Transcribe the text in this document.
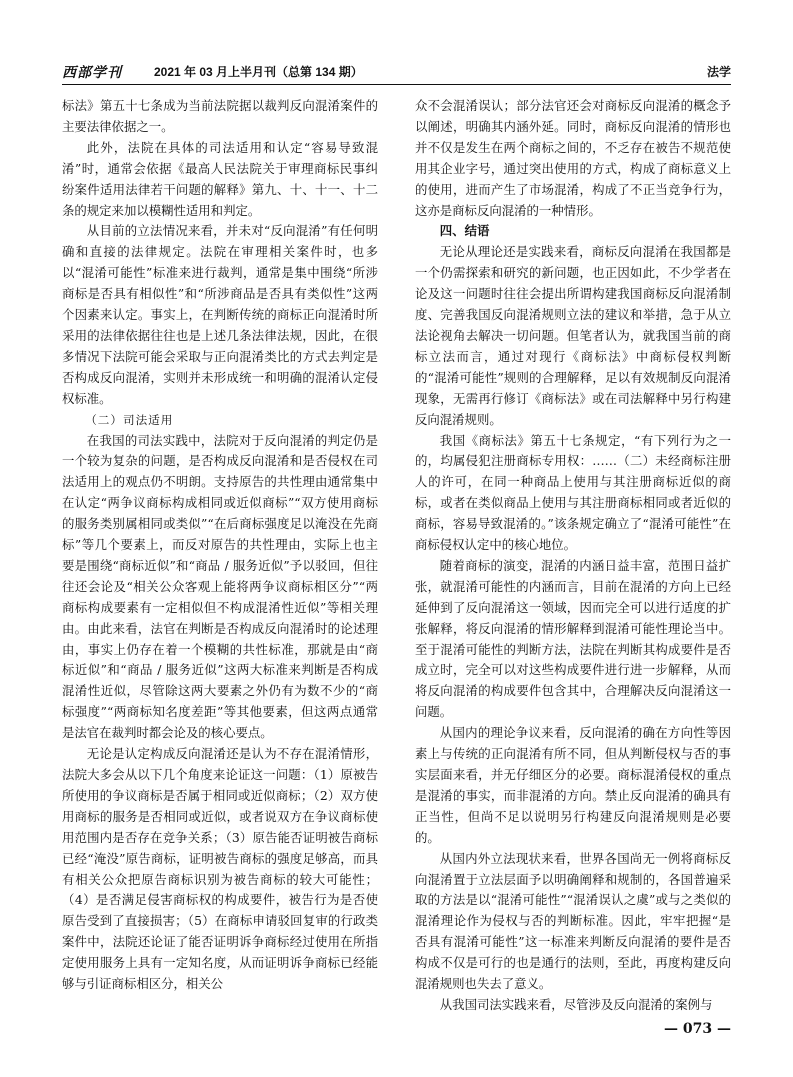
西部学刊	2021 年 03 月上半月刊（总第 134 期）	法学

标法》第五十七条成为当前法院据以裁判反向混淆案件的主要法律依据之一。

此外，法院在具体的司法适用和认定“容易导致混淆”时，通常会依据《最高人民法院关于审理商标民事纠纷案件适用法律若干问题的解释》第九、十、十一、十二条的规定来加以模糊性适用和判定。

从目前的立法情况来看，并未对“反向混淆”有任何明确和直接的法律规定。法院在审理相关案件时，也多以“混淆可能性”标准来进行裁判，通常是集中围绕“所涉商标是否具有相似性”和“所涉商品是否具有类似性”这两个因素来认定。事实上，在判断传统的商标正向混淆时所采用的法律依据往往也是上述几条法律法规，因此，在很多情况下法院可能会采取与正向混淆类比的方式去判定是否构成反向混淆，实则并未形成统一和明确的混淆认定侵权标准。

（二）司法适用

在我国的司法实践中，法院对于反向混淆的判定仍是一个较为复杂的问题，是否构成反向混淆和是否侵权在司法适用上的观点仍不明朗。支持原告的共性理由通常集中在认定“两争议商标构成相同或近似商标”“双方使用商标的服务类别属相同或类似”“在后商标强度足以淹没在先商标”等几个要素上，而反对原告的共性理由，实际上也主要是围绕“商标近似”和“商品 / 服务近似”予以驳回，但往往还会论及“相关公众客观上能将两争议商标相区分”“两商标构成要素有一定相似但不构成混淆性近似”等相关理由。由此来看，法官在判断是否构成反向混淆时的论述理由，事实上仍存在着一个模糊的共性标准，那就是由“商标近似”和“商品 / 服务近似”这两大标准来判断是否构成混淆性近似，尽管除这两大要素之外仍有为数不少的“商标强度”“两商标知名度差距”等其他要素，但这两点通常是法官在裁判时都会论及的核心要点。

无论是认定构成反向混淆还是认为不存在混淆情形，法院大多会从以下几个角度来论证这一问题：（1）原被告所使用的争议商标是否属于相同或近似商标；（2）双方使用商标的服务是否相同或近似，或者说双方在争议商标使用范围内是否存在竞争关系；（3）原告能否证明被告商标已经“淹没”原告商标，证明被告商标的强度足够高，而具有相关公众把原告商标识别为被告商标的较大可能性；（4）是否满足侵害商标权的构成要件，被告行为是否使原告受到了直接损害；（5）在商标申请驳回复审的行政类案件中，法院还论证了能否证明诉争商标经过使用在所指定使用服务上具有一定知名度，从而证明诉争商标已经能够与引证商标相区分，相关公

众不会混淆误认；部分法官还会对商标反向混淆的概念予以阐述，明确其内涵外延。同时，商标反向混淆的情形也并不仅是发生在两个商标之间的，不乏存在被告不规范使用其企业字号，通过突出使用的方式，构成了商标意义上的使用，进而产生了市场混淆，构成了不正当竞争行为，这亦是商标反向混淆的一种情形。

四、结语

无论从理论还是实践来看，商标反向混淆在我国都是一个仍需探索和研究的新问题，也正因如此，不少学者在论及这一问题时往往会提出所谓构建我国商标反向混淆制度、完善我国反向混淆规则立法的建议和举措，急于从立法论视角去解决一切问题。但笔者认为，就我国当前的商标立法而言，通过对现行《商标法》中商标侵权判断的“混淆可能性”规则的合理解释，足以有效规制反向混淆现象，无需再行修订《商标法》或在司法解释中另行构建反向混淆规则。

我国《商标法》第五十七条规定，“有下列行为之一的，均属侵犯注册商标专用权：……（二）未经商标注册人的许可，在同一种商品上使用与其注册商标近似的商标，或者在类似商品上使用与其注册商标相同或者近似的商标，容易导致混淆的。”该条规定确立了“混淆可能性”在商标侵权认定中的核心地位。

随着商标的演变，混淆的内涵日益丰富，范围日益扩张，就混淆可能性的内涵而言，目前在混淆的方向上已经延伸到了反向混淆这一领域，因而完全可以进行适度的扩张解释，将反向混淆的情形解释到混淆可能性理论当中。至于混淆可能性的判断方法，法院在判断其构成要件是否成立时，完全可以对这些构成要件进行进一步解释，从而将反向混淆的构成要件包含其中，合理解决反向混淆这一问题。

从国内的理论争议来看，反向混淆的确在方向性等因素上与传统的正向混淆有所不同，但从判断侵权与否的事实层面来看，并无仔细区分的必要。商标混淆侵权的重点是混淆的事实，而非混淆的方向。禁止反向混淆的确具有正当性，但尚不足以说明另行构建反向混淆规则是必要的。

从国内外立法现状来看，世界各国尚无一例将商标反向混淆置于立法层面予以明确阐释和规制的，各国普遍采取的方法是以“混淆可能性”“混淆误认之虞”或与之类似的混淆理论作为侵权与否的判断标准。因此，牢牢把握“是否具有混淆可能性”这一标准来判断反向混淆的要件是否构成不仅是可行的也是通行的法则，至此，再度构建反向混淆规则也失去了意义。

从我国司法实践来看，尽管涉及反向混淆的案例与

— 073 —
